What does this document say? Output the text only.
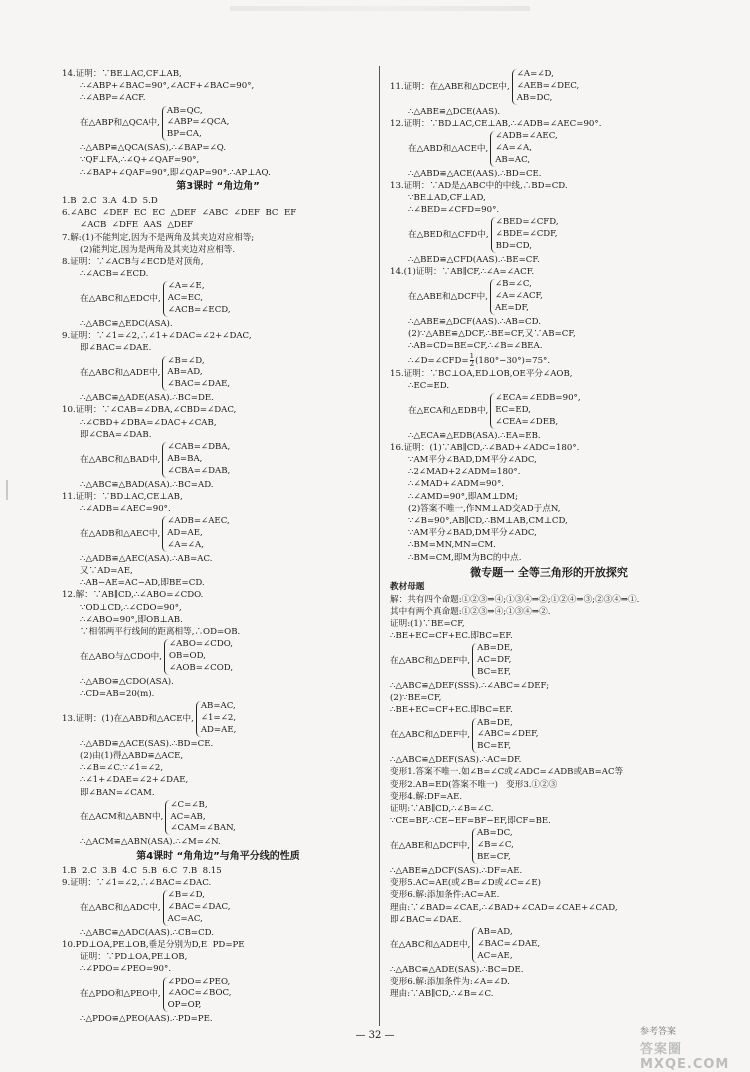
14.证明：∵BE⊥AC,CF⊥AB,
∴∠ABP+∠BAC=90°,∠ACF+∠BAC=90°,
∴∠ABP=∠ACF.
在△ABP和△QCA中,
AB=QC,
∠ABP=∠QCA,
BP=CA,
∴△ABP≌△QCA(SAS),∴∠BAP=∠Q.
∵QF⊥FA,∴∠Q+∠QAF=90°,
∴∠BAP+∠QAF=90°,即∠QAP=90°.∴AP⊥AQ.
第3课时 “角边角”
1.B  2.C  3.A  4.D  5.D
6.∠ABC  ∠DEF  EC  EC  △DEF  ∠ABC  ∠DEF  BC  EF
∠ACB  ∠DFE  AAS  △DEF
7.解:(1)不能判定,因为不是两角及其夹边对应相等;
(2)能判定,因为是两角及其夹边对应相等.
8.证明：∵∠ACB与∠ECD是对顶角,
∴∠ACB=∠ECD.
在△ABC和△EDC中,
∠A=∠E,
AC=EC,
∠ACB=∠ECD,
∴△ABC≌△EDC(ASA).
9.证明：∵∠1=∠2,∴∠1+∠DAC=∠2+∠DAC,
即∠BAC=∠DAE.
在△ABC和△ADE中,
∠B=∠D,
AB=AD,
∠BAC=∠DAE,
∴△ABC≌△ADE(ASA).∴BC=DE.
10.证明：∵∠CAB=∠DBA,∠CBD=∠DAC,
∴∠CBD+∠DBA=∠DAC+∠CAB,
即∠CBA=∠DAB.
在△ABC和△BAD中,
∠CAB=∠DBA,
AB=BA,
∠CBA=∠DAB,
∴△ABC≌△BAD(ASA).∴BC=AD.
11.证明：∵BD⊥AC,CE⊥AB,
∴∠ADB=∠AEC=90°.
在△ADB和△AEC中,
∠ADB=∠AEC,
AD=AE,
∠A=∠A,
∴△ADB≌△AEC(ASA).∴AB=AC.
又∵AD=AE,
∴AB−AE=AC−AD,即BE=CD.
12.解：∵AB∥CD,∴∠ABO=∠CDO.
∵OD⊥CD,∴∠CDO=90°,
∴∠ABO=90°,即OB⊥AB.
∵相邻两平行线间的距离相等,∴OD=OB.
在△ABO与△CDO中,
∠ABO=∠CDO,
OB=OD,
∠AOB=∠COD,
∴△ABO≌△CDO(ASA).
∴CD=AB=20(m).
13.证明：(1)在△ABD和△ACE中,
AB=AC,
∠1=∠2,
AD=AE,
∴△ABD≌△ACE(SAS).∴BD=CE.
(2)由(1)得△ABD≌△ACE,
∴∠B=∠C.∵∠1=∠2,
∴∠1+∠DAE=∠2+∠DAE,
即∠BAN=∠CAM.
在△ACM和△ABN中,
∠C=∠B,
AC=AB,
∠CAM=∠BAN,
∴△ACM≌△ABN(ASA).∴∠M=∠N.
第4课时 “角角边”与角平分线的性质
1.B  2.C  3.B  4.C  5.B  6.C  7.B  8.15
9.证明：∵∠1=∠2,∴∠BAC=∠DAC.
在△ABC和△ADC中,
∠B=∠D,
∠BAC=∠DAC,
AC=AC,
∴△ABC≌△ADC(AAS).∴CB=CD.
10.PD⊥OA,PE⊥OB,垂足分别为D,E  PD=PE
证明：∵PD⊥OA,PE⊥OB,
∴∠PDO=∠PEO=90°.
在△PDO和△PEO中,
∠PDO=∠PEO,
∠AOC=∠BOC,
OP=OP,
∴△PDO≌△PEO(AAS).∴PD=PE.
11.证明：在△ABE和△DCE中,
∠A=∠D,
∠AEB=∠DEC,
AB=DC,
∴△ABE≌△DCE(AAS).
12.证明：∵BD⊥AC,CE⊥AB,∴∠ADB=∠AEC=90°.
在△ABD和△ACE中,
∠ADB=∠AEC,
∠A=∠A,
AB=AC,
∴△ABD≌△ACE(AAS).∴BD=CE.
13.证明：∵AD是△ABC中的中线,∴BD=CD.
∵BE⊥AD,CF⊥AD,
∴∠BED=∠CFD=90°.
在△BED和△CFD中,
∠BED=∠CFD,
∠BDE=∠CDF,
BD=CD,
∴△BED≌△CFD(AAS).∴BE=CF.
14.(1)证明：∵AB∥CF,∴∠A=∠ACF.
在△ABE和△DCF中,
∠B=∠C,
∠A=∠ACF,
AE=DF,
∴△ABE≌△DCF(AAS).∴AB=CD.
(2)∵△ABE≌△DCF,∴BE=CF,又∵AB=CF,
∴AB=CD=BE=CF,∴∠B=∠BEA.
∴∠D=∠CFD= $\frac{1}{2} (180^\circ-30^\circ)=75^\circ$.
15.证明：∵BC⊥OA,ED⊥OB,OE平分∠AOB,
∴EC=ED.
在△ECA和△EDB中,
∠ECA=∠EDB=90°,
EC=ED,
∠CEA=∠DEB,
∴△ECA≌△EDB(ASA).∴EA=EB.
16.证明：(1)∵AB∥CD,∴∠BAD+∠ADC=180°.
∵AM平分∠BAD,DM平分∠ADC,
∴2∠MAD+2∠ADM=180°.
∴∠MAD+∠ADM=90°.
∴∠AMD=90°,即AM⊥DM;
(2)答案不唯一,作NM⊥AD交AD于点N,
∵∠B=90°,AB∥CD,∴BM⊥AB,CM⊥CD,
∵AM平分∠BAD,DM平分∠ADC,
∴BM=MN,MN=CM.
∴BM=CM,即M为BC的中点.
微专题一 全等三角形的开放探究
教材母题
解：共有四个命题:①②③⇒④;①③④⇒②;①②④⇒③;②③④⇒①.
其中有两个真命题:①②③⇒④;①③④⇒②.
证明:(1)∵BE=CF,
∴BE+EC=CF+EC.即BC=EF.
在△ABC和△DEF中,
AB=DE,
AC=DF,
BC=EF,
∴△ABC≌△DEF(SSS).∴∠ABC=∠DEF;
(2)∵BE=CF,
∴BE+EC=CF+EC.即BC=EF.
在△ABC和△DEF中,
AB=DE,
∠ABC=∠DEF,
BC=EF,
∴△ABC≌△DEF(SAS).∴AC=DF.
变形1.答案不唯一.如∠B=∠C或∠ADC=∠ADB或AB=AC等
变形2.AB=ED(答案不唯一)   变形3.①②③
变形4.解:DF=AE.
证明:∵AB∥CD,∴∠B=∠C.
∵CE=BF,∴CE−EF=BF−EF,即CF=BE.
在△ABE和△DCF中,
AB=DC,
∠B=∠C,
BE=CF,
∴△ABE≌△DCF(SAS).∴DF=AE.
变形5.AC=AE(或∠B=∠D或∠C=∠E)
变形6.解:添加条件:AC=AE.
理由:∵∠BAD=∠CAE,∴∠BAD+∠CAD=∠CAE+∠CAD,
即∠BAC=∠DAE.
在△ABC和△ADE中,
AB=AD,
∠BAC=∠DAE,
AC=AE,
∴△ABC≌△ADE(SAS).∴BC=DE.
变形6.解:添加条件为:∠A=∠D.
理由:∵AB∥CD,∴∠B=∠C.
— 32 —	参考答案
答案圈 MXQE.COM
